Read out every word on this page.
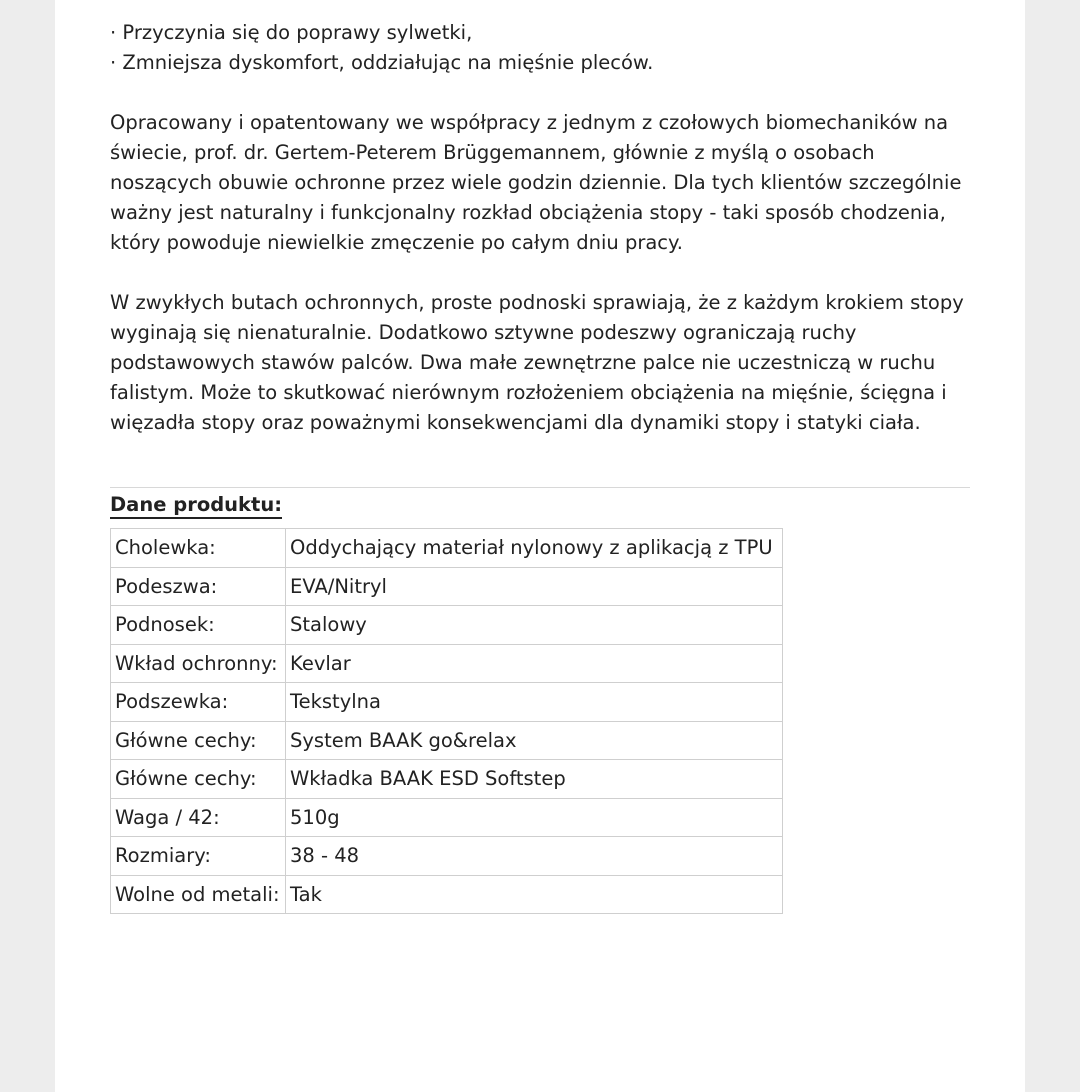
· Przyczynia się do poprawy sylwetki,
· Zmniejsza dyskomfort, oddziałując na mięśnie pleców.

Opracowany i opatentowany we współpracy z jednym z czołowych biomechaników na
świecie, prof. dr. Gertem-Peterem Brüggemannem, głównie z myślą o osobach
noszących obuwie ochronne przez wiele godzin dziennie. Dla tych klientów szczególnie
ważny jest naturalny i funkcjonalny rozkład obciążenia stopy - taki sposób chodzenia,
który powoduje niewielkie zmęczenie po całym dniu pracy.

W zwykłych butach ochronnych, proste podnoski sprawiają, że z każdym krokiem stopy
wyginają się nienaturalnie. Dodatkowo sztywne podeszwy ograniczają ruchy
podstawowych stawów palców. Dwa małe zewnętrzne palce nie uczestniczą w ruchu
falistym. Może to skutkować nierównym rozłożeniem obciążenia na mięśnie, ścięgna i
więzadła stopy oraz poważnymi konsekwencjami dla dynamiki stopy i statyki ciała.

Dane produktu:
Cholewka:	Oddychający materiał nylonowy z aplikacją z TPU
Podeszwa:	EVA/Nitryl
Podnosek:	Stalowy
Wkład ochronny:	Kevlar
Podszewka:	Tekstylna
Główne cechy:	System BAAK go&relax
Główne cechy:	Wkładka BAAK ESD Softstep
Waga / 42:	510g
Rozmiary:	38 - 48
Wolne od metali:	Tak
